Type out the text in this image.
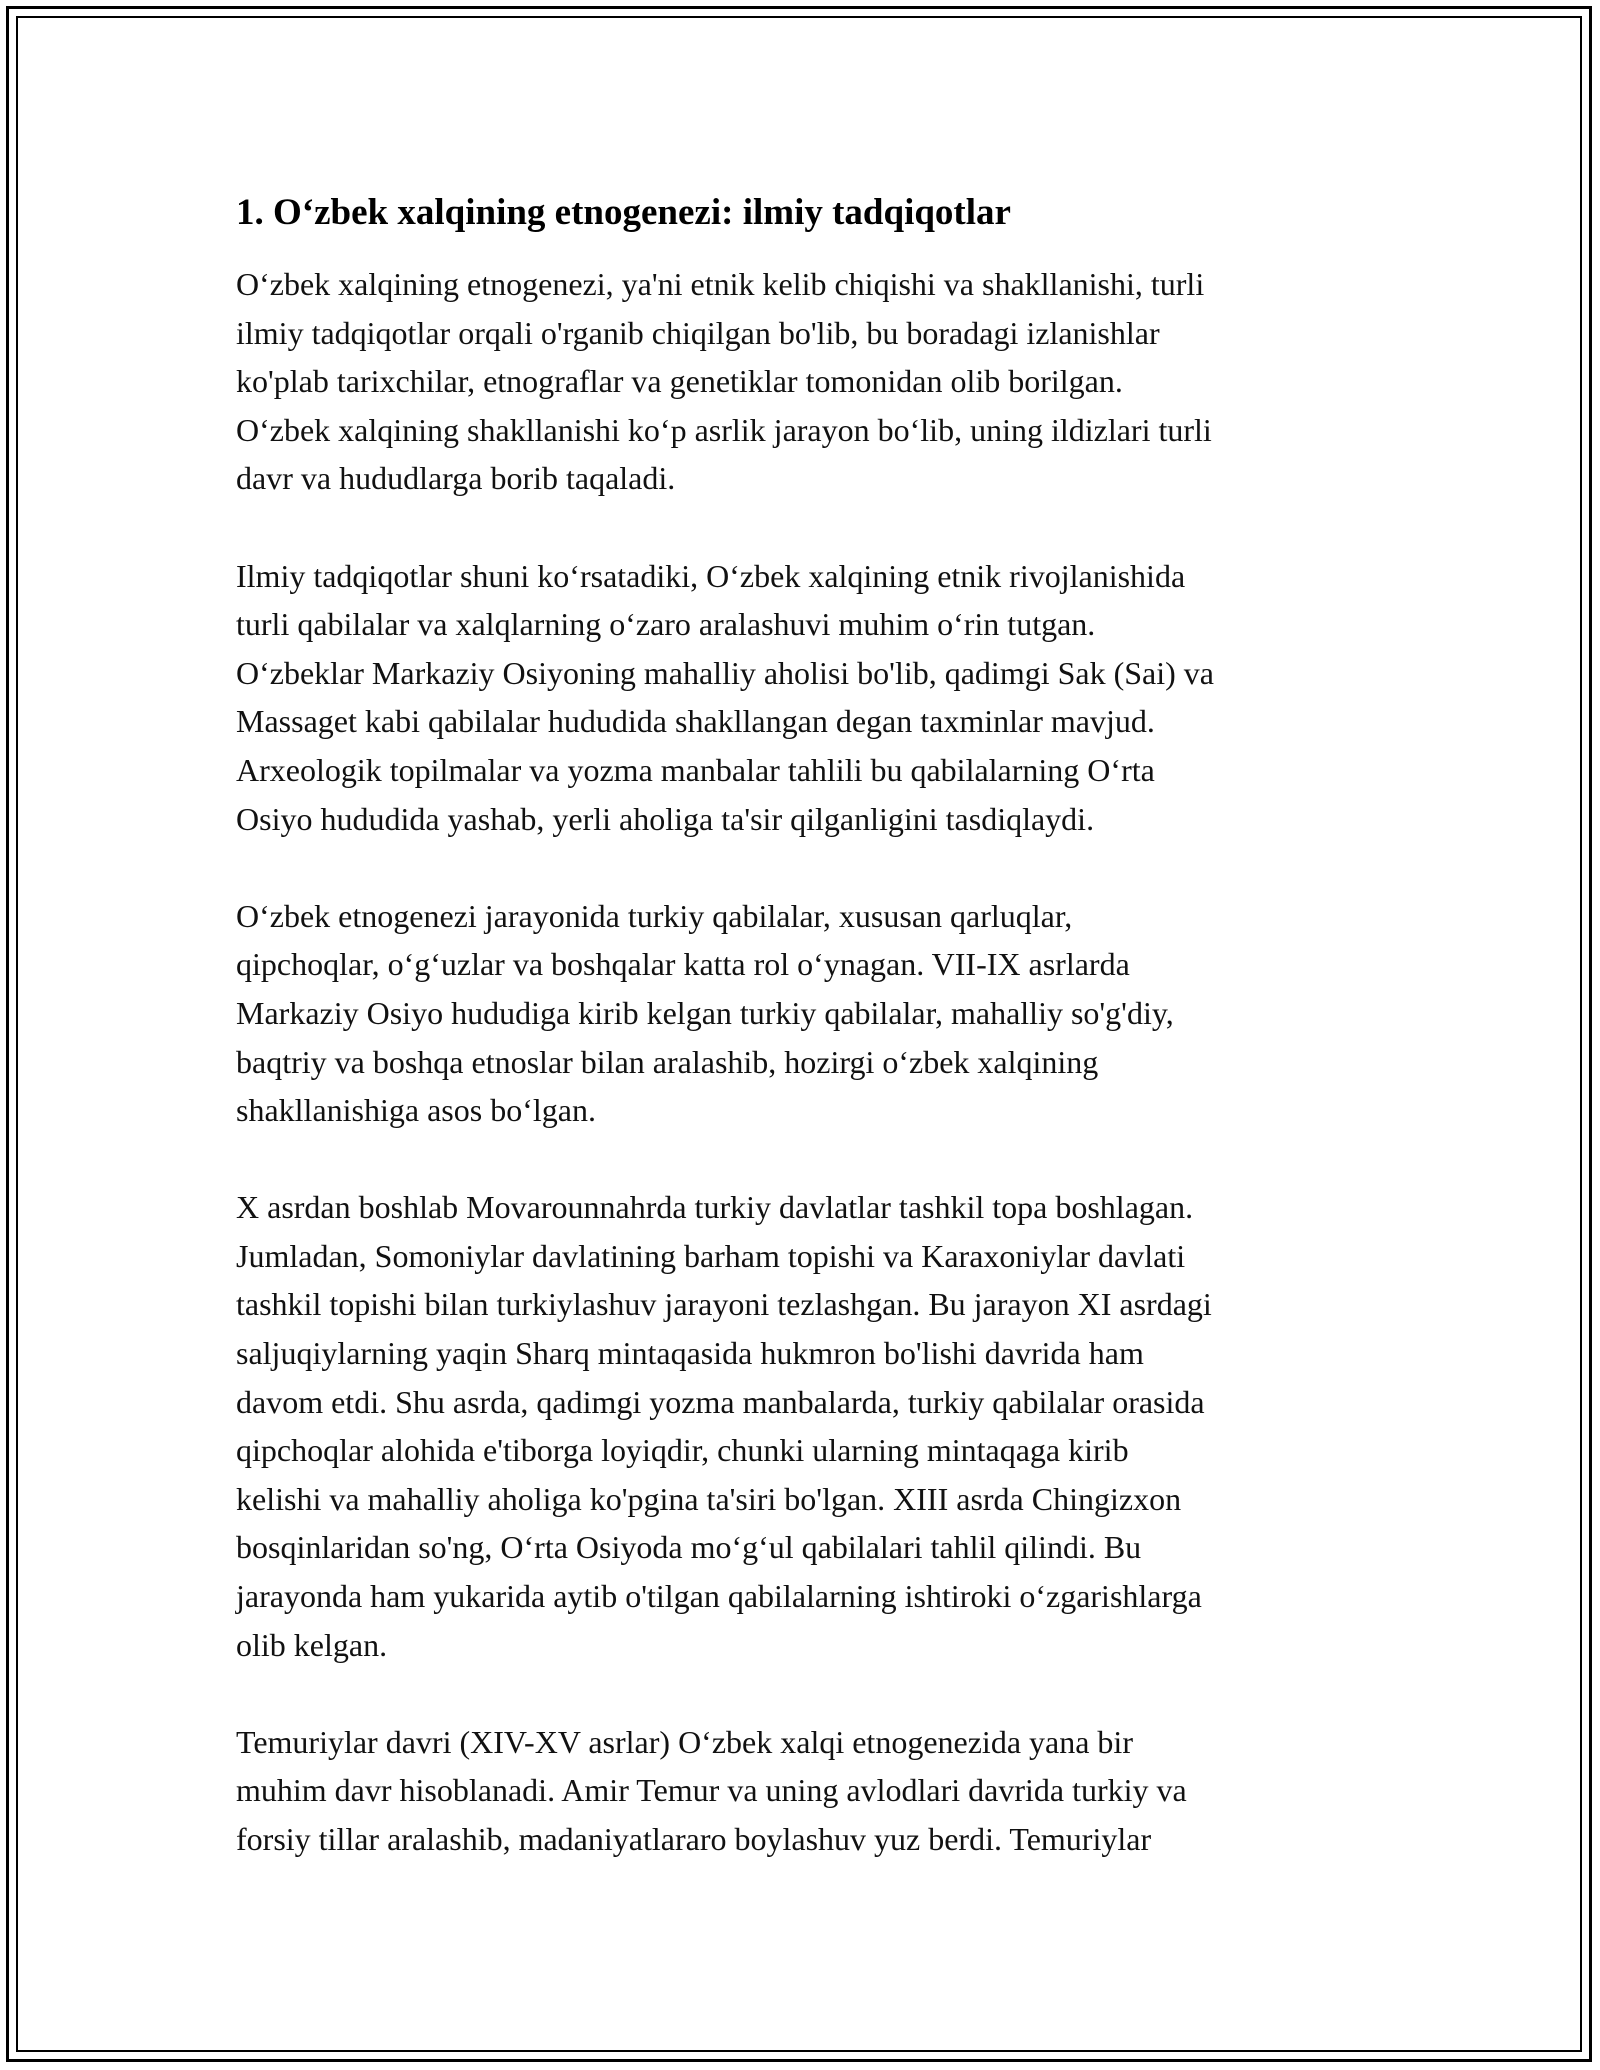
1. O‘zbek xalqining etnogenezi: ilmiy tadqiqotlar

O‘zbek xalqining etnogenezi, ya'ni etnik kelib chiqishi va shakllanishi, turli
ilmiy tadqiqotlar orqali o'rganib chiqilgan bo'lib, bu boradagi izlanishlar
ko'plab tarixchilar, etnograflar va genetiklar tomonidan olib borilgan.
O‘zbek xalqining shakllanishi ko‘p asrlik jarayon bo‘lib, uning ildizlari turli
davr va hududlarga borib taqaladi.

Ilmiy tadqiqotlar shuni ko‘rsatadiki, O‘zbek xalqining etnik rivojlanishida
turli qabilalar va xalqlarning o‘zaro aralashuvi muhim o‘rin tutgan.
O‘zbeklar Markaziy Osiyoning mahalliy aholisi bo'lib, qadimgi Sak (Sai) va
Massaget kabi qabilalar hududida shakllangan degan taxminlar mavjud.
Arxeologik topilmalar va yozma manbalar tahlili bu qabilalarning O‘rta
Osiyo hududida yashab, yerli aholiga ta'sir qilganligini tasdiqlaydi.

O‘zbek etnogenezi jarayonida turkiy qabilalar, xususan qarluqlar,
qipchoqlar, o‘g‘uzlar va boshqalar katta rol o‘ynagan. VII-IX asrlarda
Markaziy Osiyo hududiga kirib kelgan turkiy qabilalar, mahalliy so'g'diy,
baqtriy va boshqa etnoslar bilan aralashib, hozirgi o‘zbek xalqining
shakllanishiga asos bo‘lgan.

X asrdan boshlab Movarounnahrda turkiy davlatlar tashkil topa boshlagan.
Jumladan, Somoniylar davlatining barham topishi va Karaxoniylar davlati
tashkil topishi bilan turkiylashuv jarayoni tezlashgan. Bu jarayon XI asrdagi
saljuqiylarning yaqin Sharq mintaqasida hukmron bo'lishi davrida ham
davom etdi. Shu asrda, qadimgi yozma manbalarda, turkiy qabilalar orasida
qipchoqlar alohida e'tiborga loyiqdir, chunki ularning mintaqaga kirib
kelishi va mahalliy aholiga ko'pgina ta'siri bo'lgan. XIII asrda Chingizxon
bosqinlaridan so'ng, O‘rta Osiyoda mo‘g‘ul qabilalari tahlil qilindi. Bu
jarayonda ham yukarida aytib o'tilgan qabilalarning ishtiroki o‘zgarishlarga
olib kelgan.

Temuriylar davri (XIV-XV asrlar) O‘zbek xalqi etnogenezida yana bir
muhim davr hisoblanadi. Amir Temur va uning avlodlari davrida turkiy va
forsiy tillar aralashib, madaniyatlararo boylashuv yuz berdi. Temuriylar
